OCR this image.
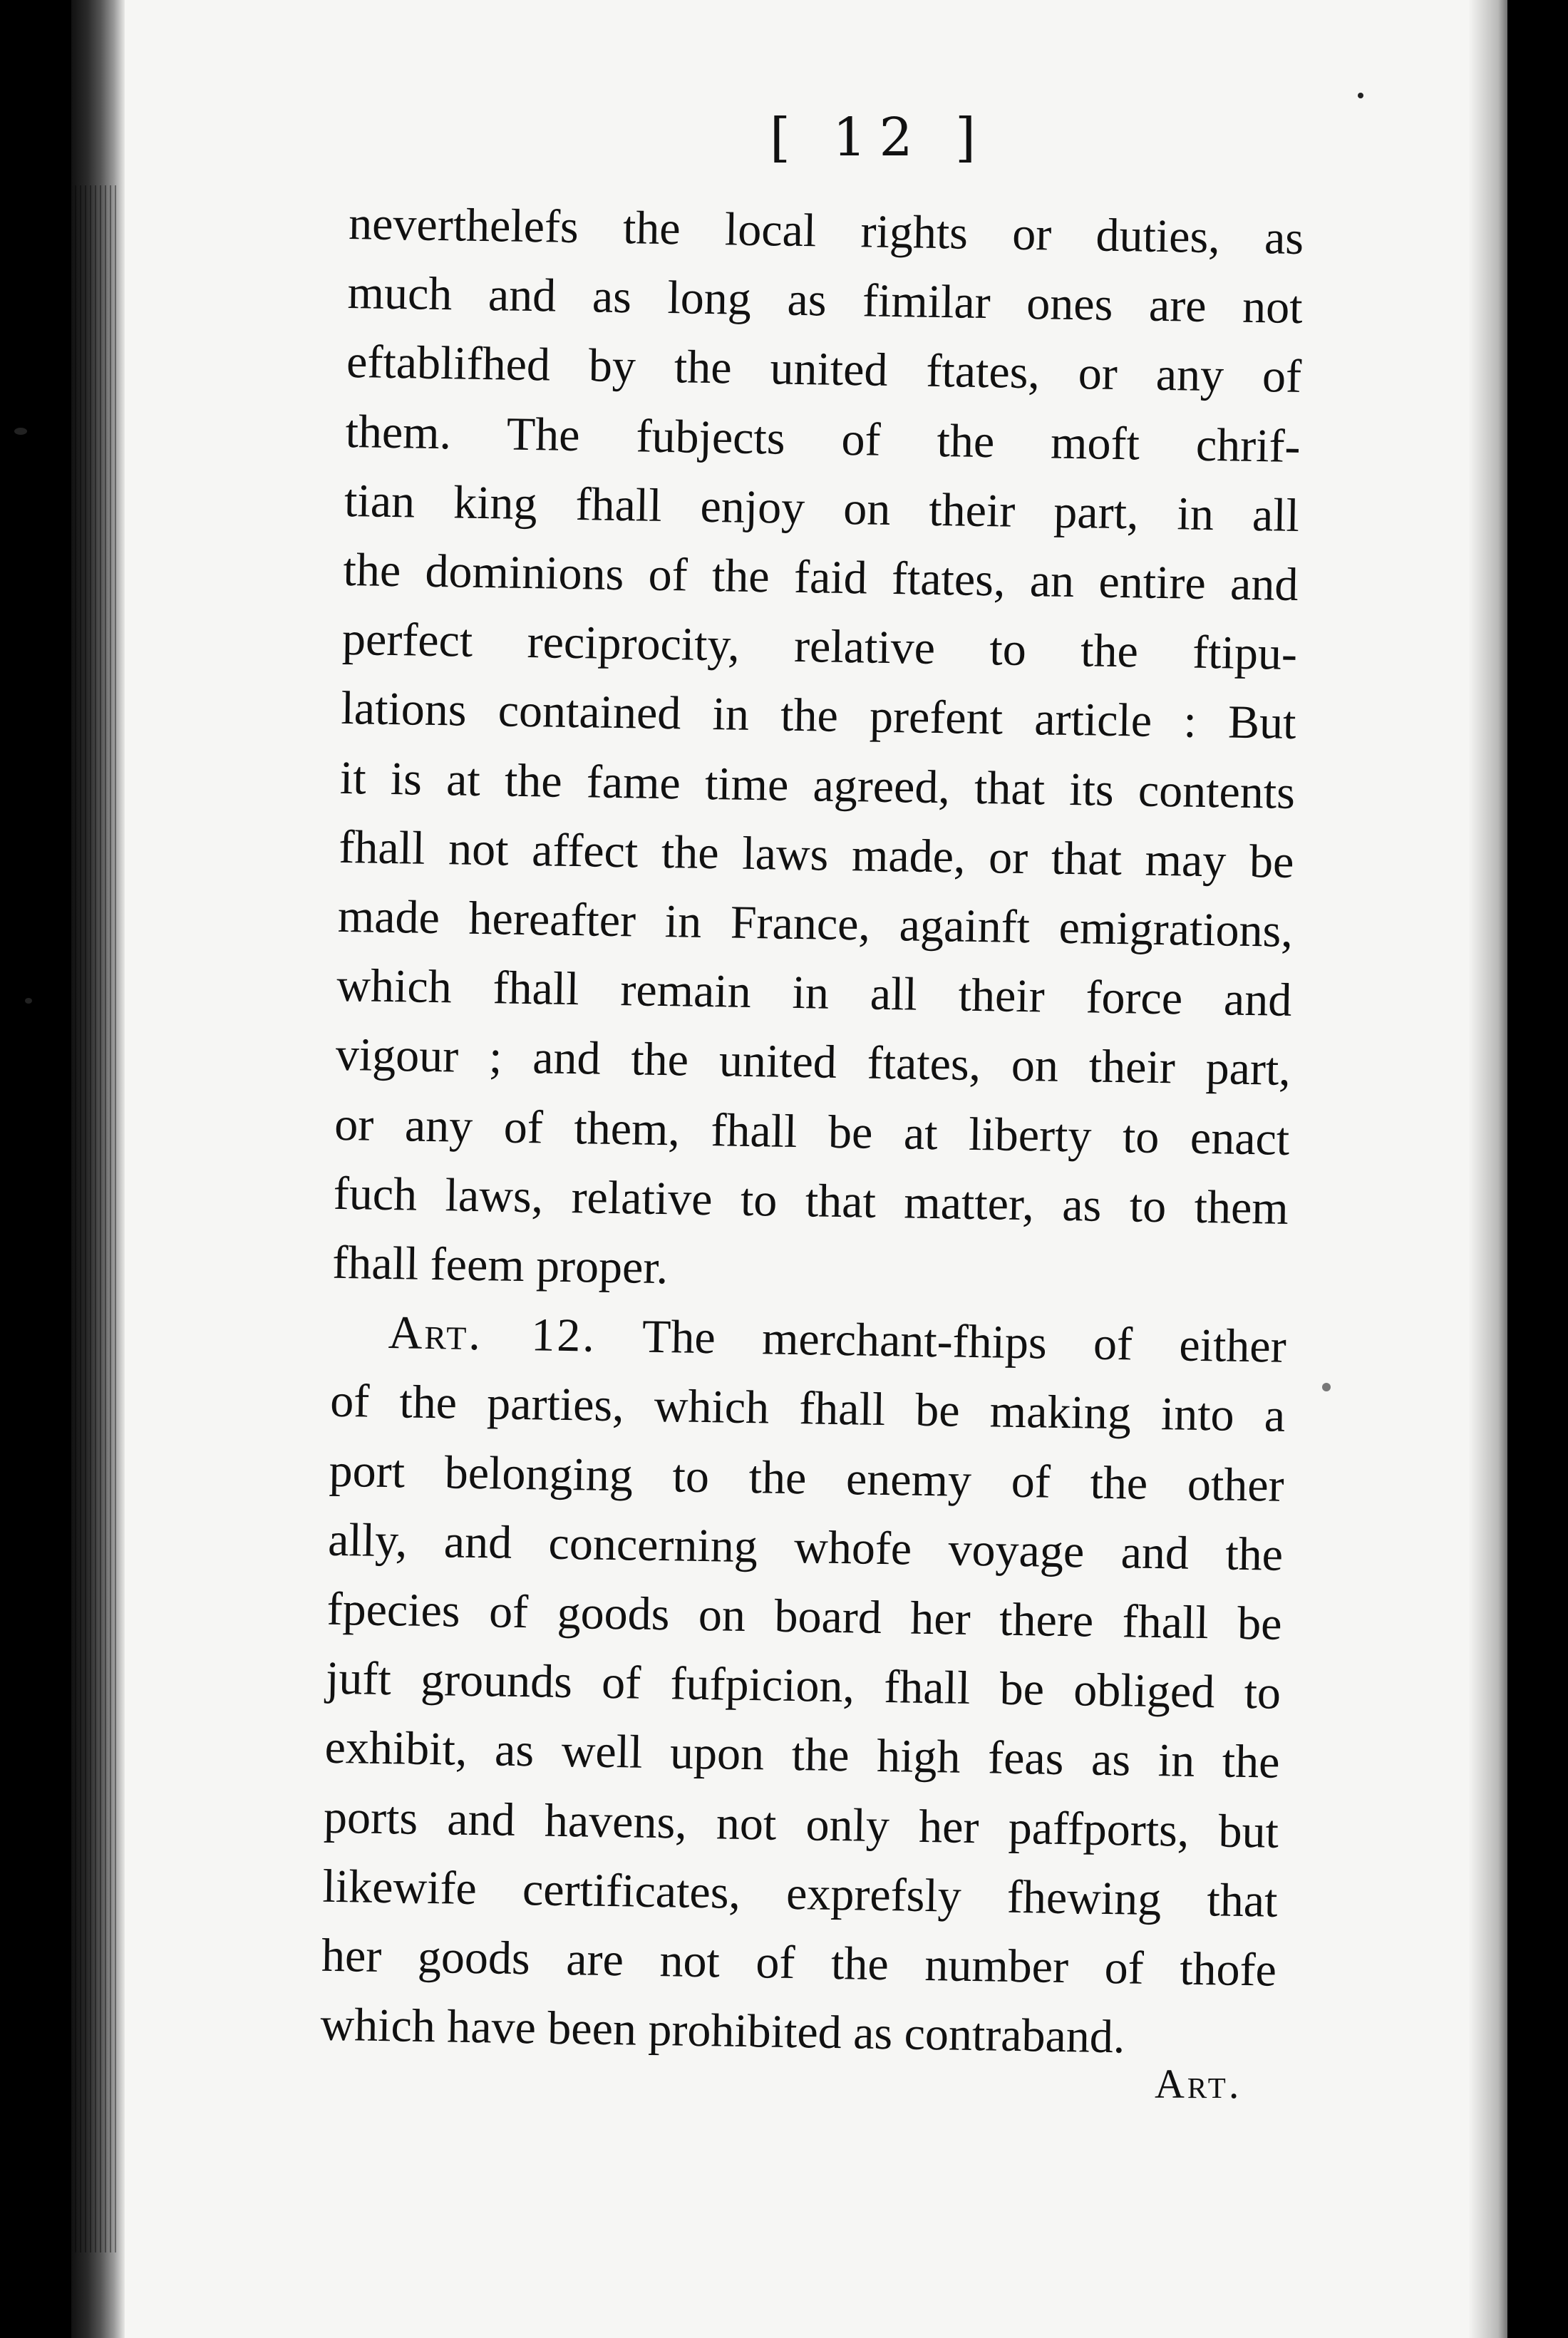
[ 12 ]
neverthelefs the local rights or duties, as
much and as long as fimilar ones are not
eftablifhed by the united ftates, or any of
them. The fubjects of the moft chrif-
tian king fhall enjoy on their part, in all
the dominions of the faid ftates, an entire and
perfect reciprocity, relative to the ftipu-
lations contained in the prefent article : But
it is at the fame time agreed, that its contents
fhall not affect the laws made, or that may be
made hereafter in France, againft emigrations,
which fhall remain in all their force and
vigour ; and the united ftates, on their part,
or any of them, fhall be at liberty to enact
fuch laws, relative to that matter, as to them
fhall feem proper.
Art. 12. The merchant-fhips of either
of the parties, which fhall be making into a
port belonging to the enemy of the other
ally, and concerning whofe voyage and the
fpecies of goods on board her there fhall be
juft grounds of fufpicion, fhall be obliged to
exhibit, as well upon the high feas as in the
ports and havens, not only her paffports, but
likewife certificates, exprefsly fhewing that
her goods are not of the number of thofe
which have been prohibited as contraband.
Art.
